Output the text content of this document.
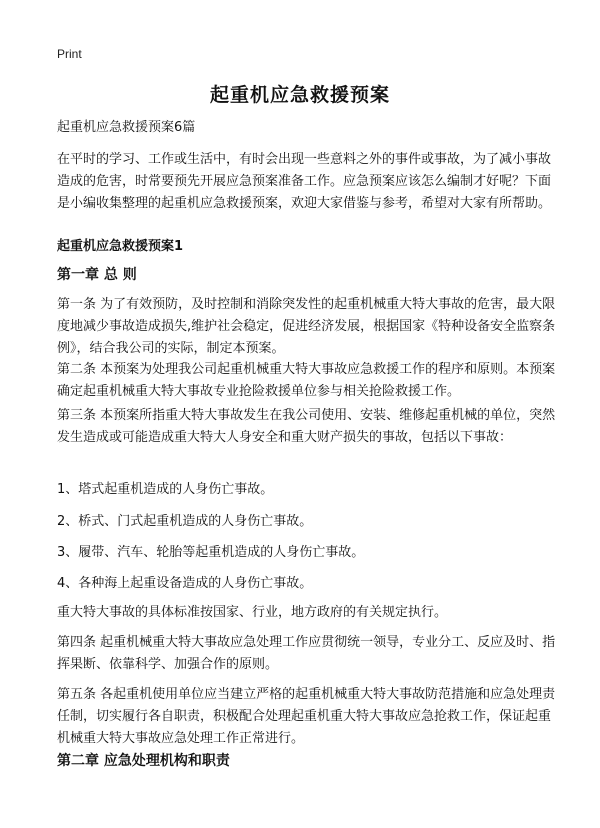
Print
起重机应急救援预案

起重机应急救援预案6篇

在平时的学习、工作或生活中，有时会出现一些意料之外的事件或事故，为了减小事故造成的危害，时常要预先开展应急预案准备工作。应急预案应该怎么编制才好呢？下面是小编收集整理的起重机应急救援预案，欢迎大家借鉴与参考，希望对大家有所帮助。

起重机应急救援预案1

第一章 总 则

第一条 为了有效预防，及时控制和消除突发性的起重机械重大特大事故的危害，最大限度地减少事故造成损失,维护社会稳定，促进经济发展，根据国家《特种设备安全监察条例》，结合我公司的实际，制定本预案。

第二条 本预案为处理我公司起重机械重大特大事故应急救援工作的程序和原则。本预案确定起重机械重大特大事故专业抢险救援单位参与相关抢险救援工作。

第三条 本预案所指重大特大事故发生在我公司使用、安装、维修起重机械的单位，突然发生造成或可能造成重大特大人身安全和重大财产损失的事故，包括以下事故：

1、塔式起重机造成的人身伤亡事故。

2、桥式、门式起重机造成的人身伤亡事故。

3、履带、汽车、轮胎等起重机造成的人身伤亡事故。

4、各种海上起重设备造成的人身伤亡事故。

重大特大事故的具体标准按国家、行业，地方政府的有关规定执行。

第四条 起重机械重大特大事故应急处理工作应贯彻统一领导，专业分工、反应及时、指挥果断、依靠科学、加强合作的原则。

第五条 各起重机使用单位应当建立严格的起重机械重大特大事故防范措施和应急处理责任制，切实履行各自职责，积极配合处理起重机重大特大事故应急抢救工作，保证起重机械重大特大事故应急处理工作正常进行。

第二章 应急处理机构和职责
